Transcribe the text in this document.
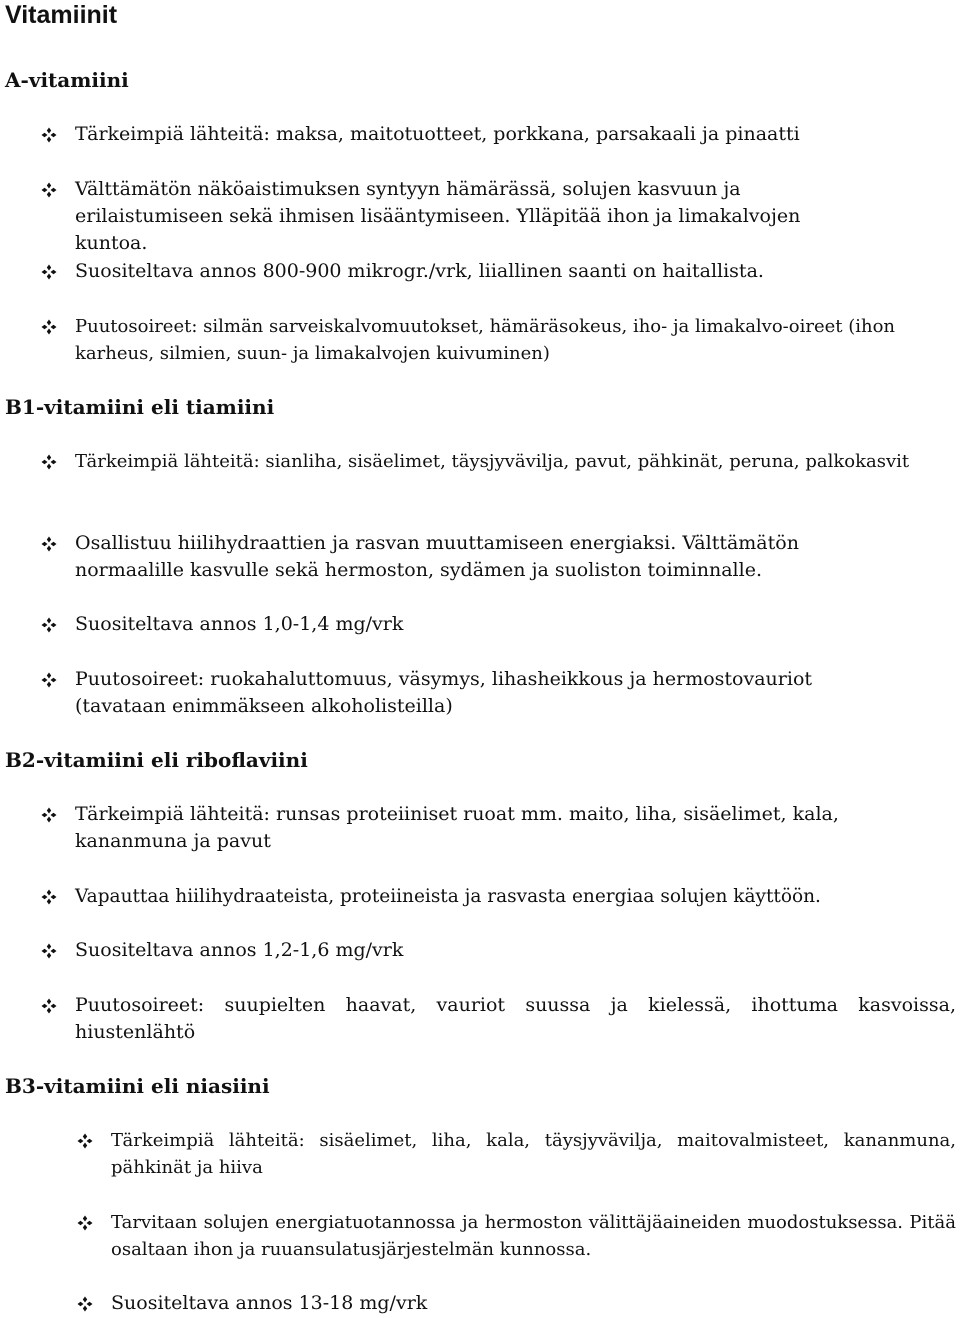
Vitamiinit
A-vitamiini
Tärkeimpiä lähteitä: maksa, maitotuotteet, porkkana, parsakaali ja pinaatti
Välttämätön näköaistimuksen syntyyn hämärässä, solujen kasvuun ja erilaistumiseen sekä ihmisen lisääntymiseen. Ylläpitää ihon ja limakalvojen kuntoa.
Suositeltava annos 800-900 mikrogr./vrk, liiallinen saanti on haitallista.
Puutosoireet: silmän sarveiskalvomuutokset, hämäräsokeus, iho- ja limakalvo-oireet (ihon karheus, silmien, suun- ja limakalvojen kuivuminen)
B1-vitamiini eli tiamiini
Tärkeimpiä lähteitä: sianliha, sisäelimet, täysjyvävilja, pavut, pähkinät, peruna, palkokasvit
Osallistuu hiilihydraattien ja rasvan muuttamiseen energiaksi. Välttämätön normaalille kasvulle sekä hermoston, sydämen ja suoliston toiminnalle.
Suositeltava annos 1,0-1,4 mg/vrk
Puutosoireet: ruokahaluttomuus, väsymys, lihasheikkous ja hermostovauriot (tavataan enimmäkseen alkoholisteilla)
B2-vitamiini eli riboflaviini
Tärkeimpiä lähteitä: runsas proteiiniset ruoat mm. maito, liha, sisäelimet, kala, kananmuna ja pavut
Vapauttaa hiilihydraateista, proteiineista ja rasvasta energiaa solujen käyttöön.
Suositeltava annos 1,2-1,6 mg/vrk
Puutosoireet: suupielten haavat, vauriot suussa ja kielessä, ihottuma kasvoissa, hiustenlähtö
B3-vitamiini eli niasiini
Tärkeimpiä lähteitä: sisäelimet, liha, kala, täysjyvävilja, maitovalmisteet, kananmuna, pähkinät ja hiiva
Tarvitaan solujen energiatuotannossa ja hermoston välittäjäaineiden muodostuksessa. Pitää osaltaan ihon ja ruuansulatusjärjestelmän kunnossa.
Suositeltava annos 13-18 mg/vrk
